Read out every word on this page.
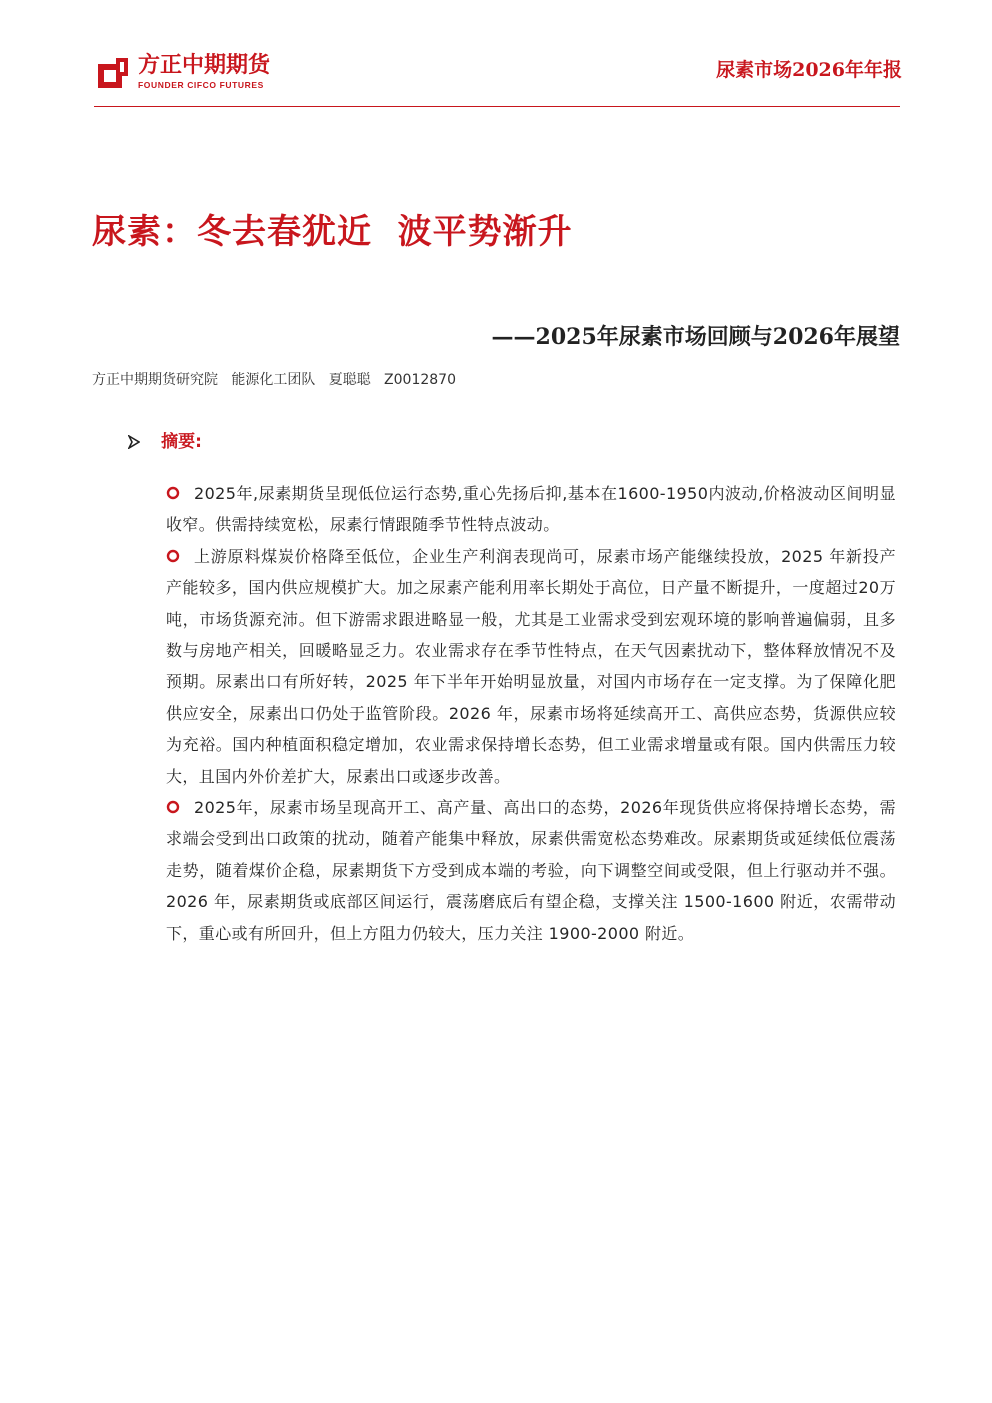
方正中期期货
FOUNDER CIFCO FUTURES
尿素市场2026年年报
尿素：冬去春犹近  波平势渐升
——2025年尿素市场回顾与2026年展望
方正中期期货研究院   能源化工团队   夏聪聪   Z0012870
摘要:
2025年,尿素期货呈现低位运行态势,重心先扬后抑,基本在1600-1950内波动,价格波动区间明显收窄。供需持续宽松，尿素行情跟随季节性特点波动。
上游原料煤炭价格降至低位，企业生产利润表现尚可，尿素市场产能继续投放，2025 年新投产产能较多，国内供应规模扩大。加之尿素产能利用率长期处于高位，日产量不断提升，一度超过20万吨，市场货源充沛。但下游需求跟进略显一般，尤其是工业需求受到宏观环境的影响普遍偏弱，且多数与房地产相关，回暖略显乏力。农业需求存在季节性特点，在天气因素扰动下，整体释放情况不及预期。尿素出口有所好转，2025 年下半年开始明显放量，对国内市场存在一定支撑。为了保障化肥供应安全，尿素出口仍处于监管阶段。2026 年，尿素市场将延续高开工、高供应态势，货源供应较为充裕。国内种植面积稳定增加，农业需求保持增长态势，但工业需求增量或有限。国内供需压力较大，且国内外价差扩大，尿素出口或逐步改善。
2025年，尿素市场呈现高开工、高产量、高出口的态势，2026年现货供应将保持增长态势，需求端会受到出口政策的扰动，随着产能集中释放，尿素供需宽松态势难改。尿素期货或延续低位震荡走势，随着煤价企稳，尿素期货下方受到成本端的考验，向下调整空间或受限，但上行驱动并不强。2026 年，尿素期货或底部区间运行，震荡磨底后有望企稳，支撑关注 1500-1600 附近，农需带动下，重心或有所回升，但上方阻力仍较大，压力关注 1900-2000 附近。
